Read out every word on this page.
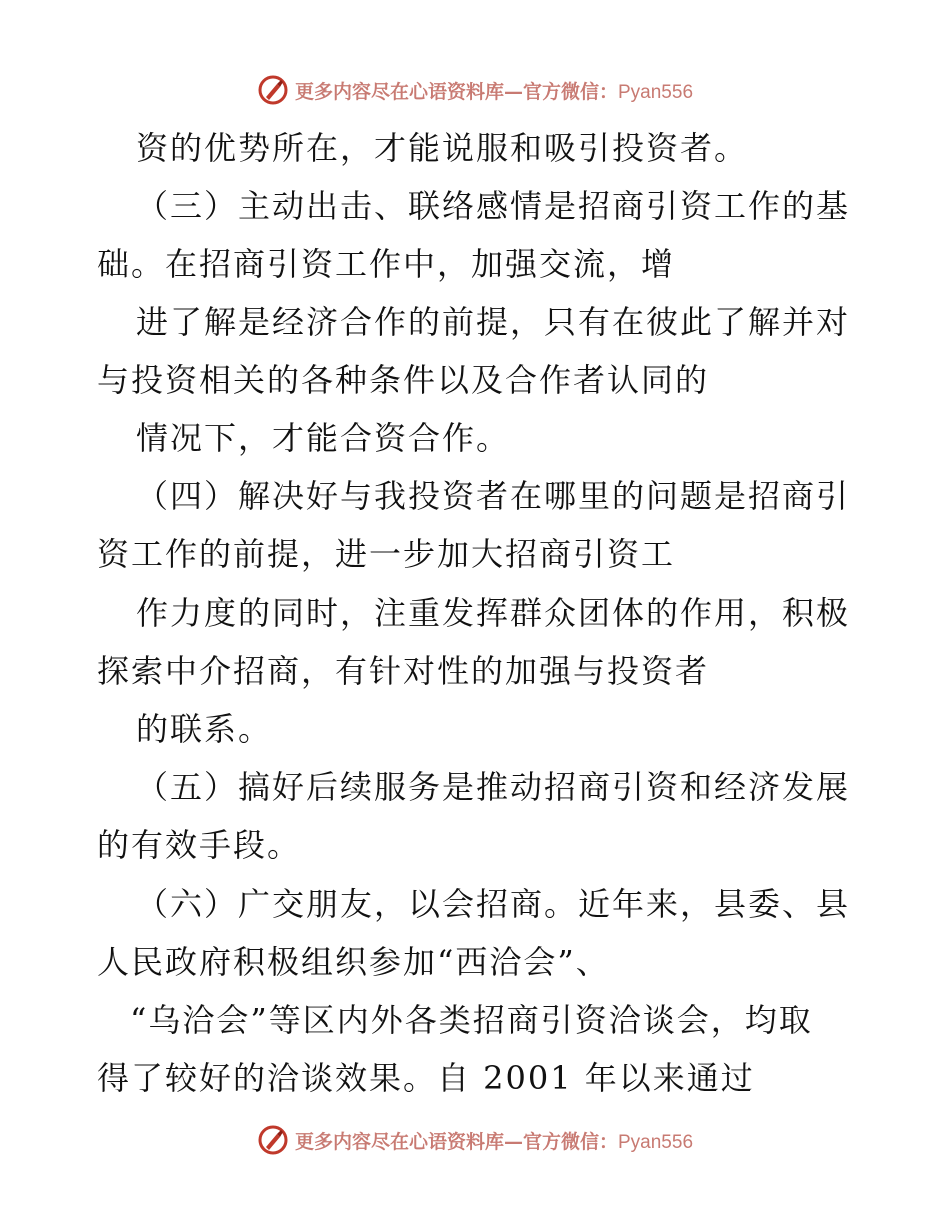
更多内容尽在心语资料库—官方微信：Pyan556
资的优势所在，才能说服和吸引投资者。
（三）主动出击、联络感情是招商引资工作的基
础。在招商引资工作中，加强交流，增
进了解是经济合作的前提，只有在彼此了解并对
与投资相关的各种条件以及合作者认同的
情况下，才能合资合作。
（四）解决好与我投资者在哪里的问题是招商引
资工作的前提，进一步加大招商引资工
作力度的同时，注重发挥群众团体的作用，积极
探索中介招商，有针对性的加强与投资者
的联系。
（五）搞好后续服务是推动招商引资和经济发展
的有效手段。
（六）广交朋友，以会招商。近年来，县委、县
人民政府积极组织参加“西洽会”、
“乌洽会”等区内外各类招商引资洽谈会，均取
得了较好的洽谈效果。自 2001 年以来通过
更多内容尽在心语资料库—官方微信：Pyan556
